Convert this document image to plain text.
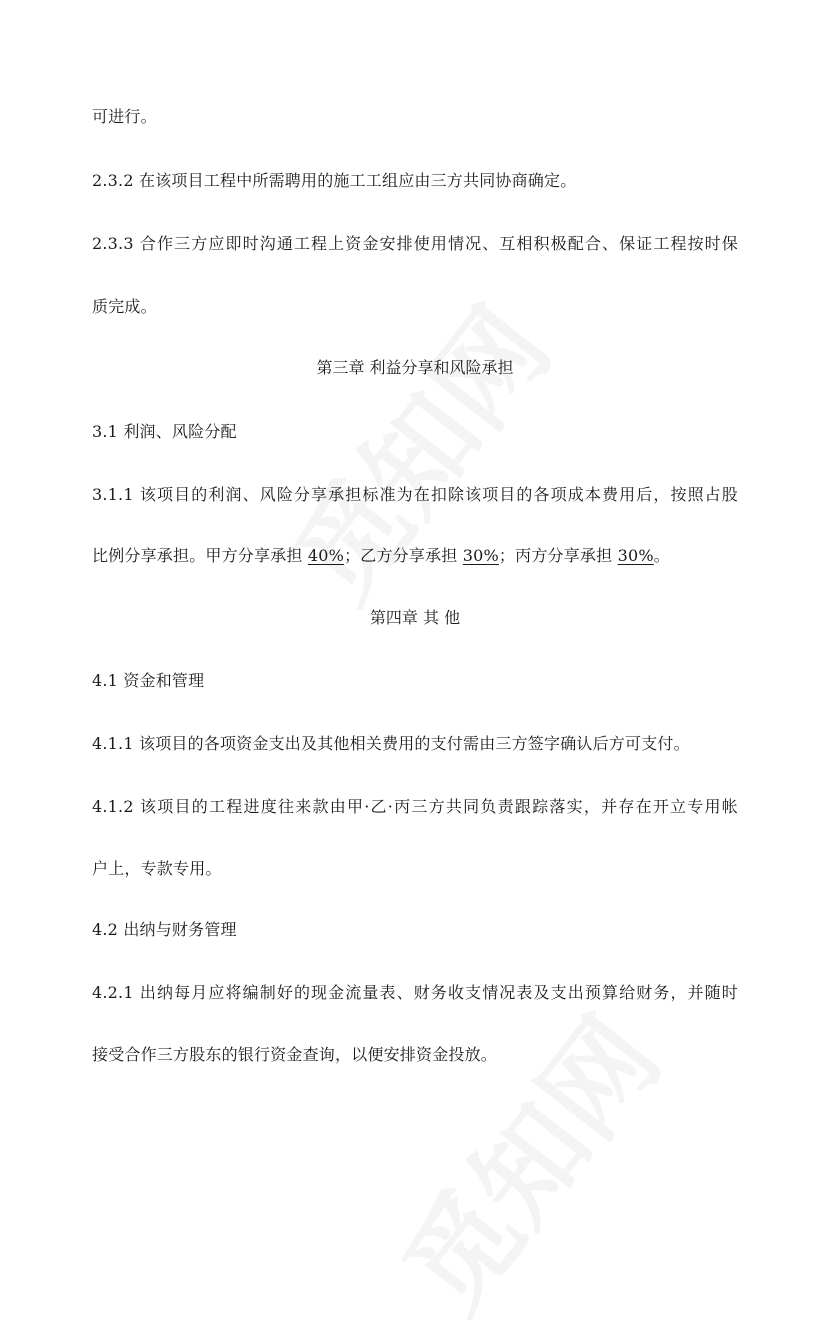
可进行。
2.3.2 在该项目工程中所需聘用的施工工组应由三方共同协商确定。
2.3.3 合作三方应即时沟通工程上资金安排使用情况、互相积极配合、保证工程按时保
质完成。
第三章 利益分享和风险承担
3.1 利润、风险分配
3.1.1 该项目的利润、风险分享承担标准为在扣除该项目的各项成本费用后，按照占股
比例分享承担。甲方分享承担 40%；乙方分享承担 30%；丙方分享承担 30%。
第四章 其 他
4.1 资金和管理
4.1.1 该项目的各项资金支出及其他相关费用的支付需由三方签字确认后方可支付。
4.1.2 该项目的工程进度往来款由甲·乙·丙三方共同负责跟踪落实，并存在开立专用帐
户上，专款专用。
4.2 出纳与财务管理
4.2.1 出纳每月应将编制好的现金流量表、财务收支情况表及支出预算给财务，并随时
接受合作三方股东的银行资金查询，以便安排资金投放。
